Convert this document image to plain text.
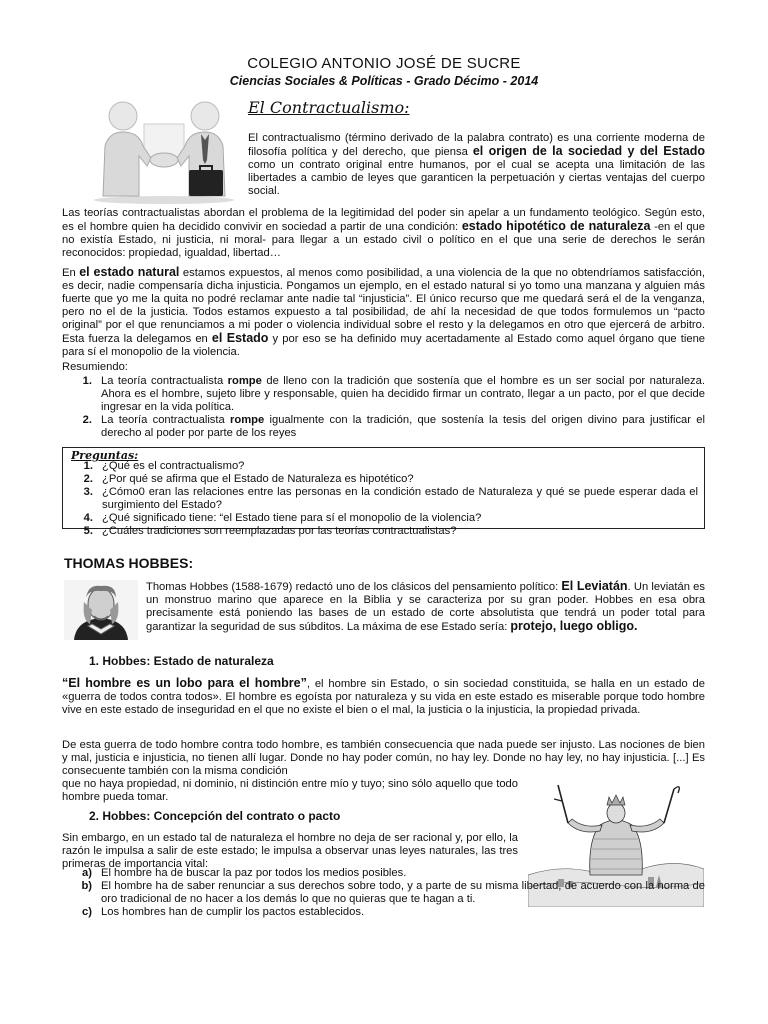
COLEGIO ANTONIO JOSÉ DE SUCRE
Ciencias Sociales & Políticas - Grado Décimo - 2014
El Contractualismo:

El contractualismo (término derivado de la palabra contrato) es una corriente moderna de filosofía política y del derecho, que piensa el origen de la sociedad y del Estado como un contrato original entre humanos, por el cual se acepta una limitación de las libertades a cambio de leyes que garanticen la perpetuación y ciertas ventajas del cuerpo social.

Las teorías contractualistas abordan el problema de la legitimidad del poder sin apelar a un fundamento teológico. Según esto, es el hombre quien ha decidido convivir en sociedad a partir de una condición: estado hipotético de naturaleza -en el que no existía Estado, ni justicia, ni moral- para llegar a un estado civil o político en el que una serie de derechos le serán reconocidos: propiedad, igualdad, libertad…

En el estado natural estamos expuestos, al menos como posibilidad, a una violencia de la que no obtendríamos satisfacción, es decir, nadie compensaría dicha injusticia. Pongamos un ejemplo, en el estado natural si yo tomo una manzana y alguien más fuerte que yo me la quita no podré reclamar ante nadie tal “injusticia”. El único recurso que me quedará será el de la venganza, pero no el de la justicia. Todos estamos expuesto a tal posibilidad, de ahí la necesidad de que todos formulemos un “pacto original” por el que renunciamos a mi poder o violencia individual sobre el resto y la delegamos en otro que ejercerá de arbitro. Esta fuerza la delegamos en el Estado y por eso se ha definido muy acertadamente al Estado como aquel órgano que tiene para sí el monopolio de la violencia.

Resumiendo:
1. La teoría contractualista rompe de lleno con la tradición que sostenía que el hombre es un ser social por naturaleza. Ahora es el hombre, sujeto libre y responsable, quien ha decidido firmar un contrato, llegar a un pacto, por el que decide ingresar en la vida política.
2. La teoría contractualista rompe igualmente con la tradición, que sostenía la tesis del origen divino para justificar el derecho al poder por parte de los reyes
Preguntas:
1. ¿Qué es el contractualismo?
2. ¿Por qué se afirma que el Estado de Naturaleza es hipotético?
3. ¿Cómo0 eran las relaciones entre las personas en la condición estado de Naturaleza y qué se puede esperar dada el surgimiento del Estado?
4. ¿Qué significado tiene: “el Estado tiene para sí el monopolio de la violencia?
5. ¿Cuáles tradiciones son reemplazadas por las teorías contractualistas?
THOMAS HOBBES:

Thomas Hobbes (1588-1679) redactó uno de los clásicos del pensamiento político: El Leviatán. Un leviatán es un monstruo marino que aparece en la Biblia y se caracteriza por su gran poder. Hobbes en esa obra precisamente está poniendo las bases de un estado de corte absolutista que tendrá un poder total para garantizar la seguridad de sus súbditos. La máxima de ese Estado sería: protejo, luego obligo.

1. Hobbes: Estado de naturaleza

“El hombre es un lobo para el hombre”, el hombre sin Estado, o sin sociedad constituida, se halla en un estado de «guerra de todos contra todos». El hombre es egoísta por naturaleza y su vida en este estado es miserable porque todo hombre vive en este estado de inseguridad en el que no existe el bien o el mal, la justicia o la injusticia, la propiedad privada.

De esta guerra de todo hombre contra todo hombre, es también consecuencia que nada puede ser injusto. Las nociones de bien y mal, justicia e injusticia, no tienen allí lugar. Donde no hay poder común, no hay ley. Donde no hay ley, no hay injusticia. [...] Es consecuente también con la misma condición

que no haya propiedad, ni dominio, ni distinción entre mío y tuyo; sino sólo aquello que todo hombre pueda tomar.

2. Hobbes: Concepción del contrato o pacto

Sin embargo, en un estado tal de naturaleza el hombre no deja de ser racional y, por ello, la razón le impulsa a salir de este estado; le impulsa a observar unas leyes naturales, las tres primeras de importancia vital:

a) El hombre ha de buscar la paz por todos los medios posibles.
b) El hombre ha de saber renunciar a sus derechos sobre todo, y a parte de su misma libertad, de acuerdo con la norma de oro tradicional de no hacer a los demás lo que no quieras que te hagan a ti.
c) Los hombres han de cumplir los pactos establecidos.
